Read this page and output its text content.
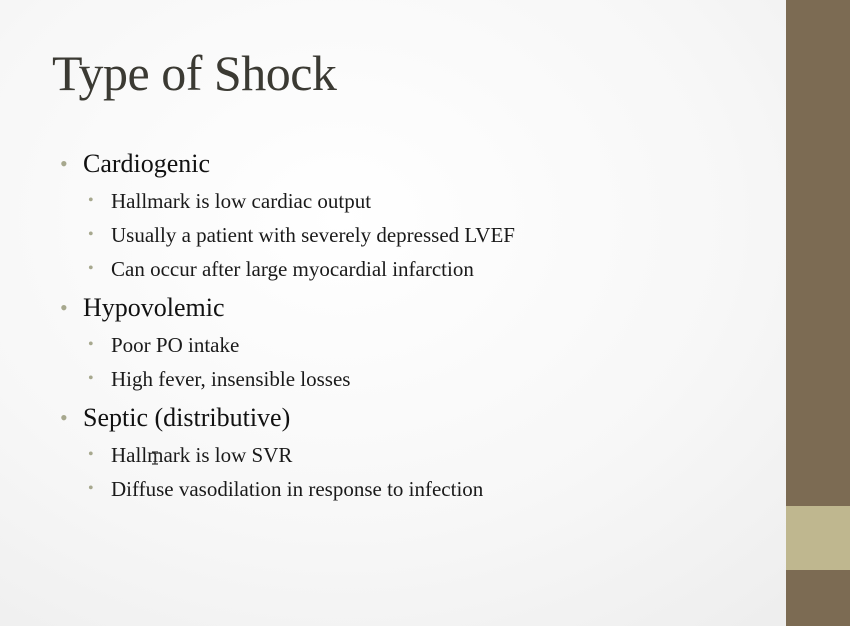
Type of Shock
• Cardiogenic
• Hallmark is low cardiac output
• Usually a patient with severely depressed LVEF
• Can occur after large myocardial infarction
• Hypovolemic
• Poor PO intake
• High fever, insensible losses
• Septic (distributive)
• Hallmark is low SVR
• Diffuse vasodilation in response to infection
